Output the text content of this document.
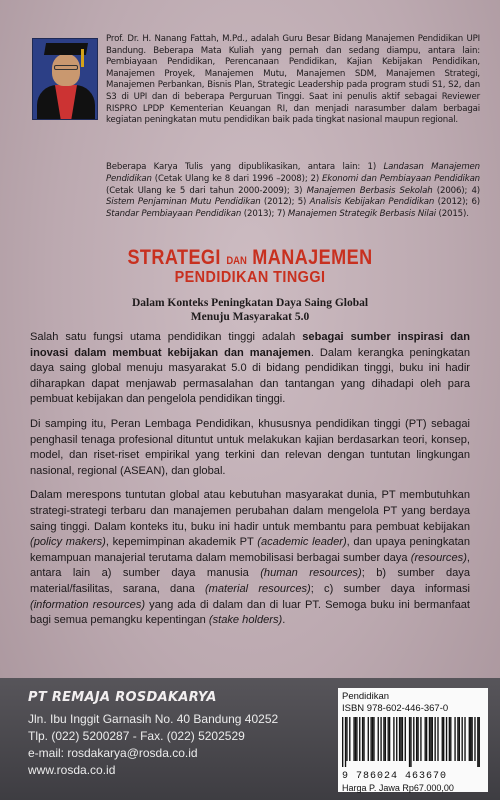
Prof. Dr. H. Nanang Fattah, M.Pd., adalah Guru Besar Bidang Manajemen Pendidikan UPI Bandung. Beberapa Mata Kuliah yang pernah dan sedang diampu, antara lain: Pembiayaan Pendidikan, Perencanaan Pendidikan, Kajian Kebijakan Pendidikan, Manajemen Proyek, Manajemen Mutu, Manajemen SDM, Manajemen Strategi, Manajemen Perbankan, Bisnis Plan, Strategic Leadership pada program studi S1, S2, dan S3 di UPI dan di beberapa Perguruan Tinggi. Saat ini penulis aktif sebagai Reviewer RISPRO LPDP Kementerian Keuangan RI, dan menjadi narasumber dalam berbagai kegiatan peningkatan mutu pendidikan baik pada tingkat nasional maupun regional.
Beberapa Karya Tulis yang dipublikasikan, antara lain: 1) Landasan Manajemen Pendidikan (Cetak Ulang ke 8 dari 1996 –2008); 2) Ekonomi dan Pembiayaan Pendidikan (Cetak Ulang ke 5 dari tahun 2000-2009); 3) Manajemen Berbasis Sekolah (2006); 4) Sistem Penjaminan Mutu Pendidikan (2012); 5) Analisis Kebijakan Pendidikan (2012); 6) Standar Pembiayaan Pendidikan (2013); 7) Manajemen Strategik Berbasis Nilai (2015).
STRATEGI DAN MANAJEMEN
PENDIDIKAN TINGGI
Dalam Konteks Peningkatan Daya Saing Global
Menuju Masyarakat 5.0

Salah satu fungsi utama pendidikan tinggi adalah sebagai sumber inspirasi dan inovasi dalam membuat kebijakan dan manajemen. Dalam kerangka peningkatan daya saing global menuju masyarakat 5.0 di bidang pendidikan tinggi, buku ini hadir diharapkan dapat menjawab permasalahan dan tantangan yang dihadapi oleh para pembuat kebijakan dan pengelola pendidikan tinggi.

Di samping itu, Peran Lembaga Pendidikan, khususnya pendidikan tinggi (PT) sebagai penghasil tenaga profesional dituntut untuk melakukan kajian berdasarkan teori, konsep, model, dan riset-riset empirikal yang terkini dan relevan dengan tuntutan lingkungan nasional, regional (ASEAN), dan global.

Dalam merespons tuntutan global atau kebutuhan masyarakat dunia, PT membutuhkan strategi-strategi terbaru dan manajemen perubahan dalam mengelola PT yang berdaya saing tinggi. Dalam konteks itu, buku ini hadir untuk membantu para pembuat kebijakan (policy makers), kepemimpinan akademik PT (academic leader), dan upaya peningkatan kemampuan manajerial terutama dalam memobilisasi berbagai sumber daya (resources), antara lain a) sumber daya manusia (human resources); b) sumber daya material/fasilitas, sarana, dana (material resources); c) sumber daya informasi (information resources) yang ada di dalam dan di luar PT. Semoga buku ini bermanfaat bagi semua pemangku kepentingan (stake holders).

PT REMAJA ROSDAKARYA
Jln. Ibu Inggit Garnasih No. 40 Bandung 40252
Tlp. (022) 5200287 - Fax. (022) 5202529
e-mail: rosdakarya@rosda.co.id
www.rosda.co.id
Pendidikan
ISBN 978-602-446-367-0
9 786024 463670
Harga P. Jawa Rp67.000,00
